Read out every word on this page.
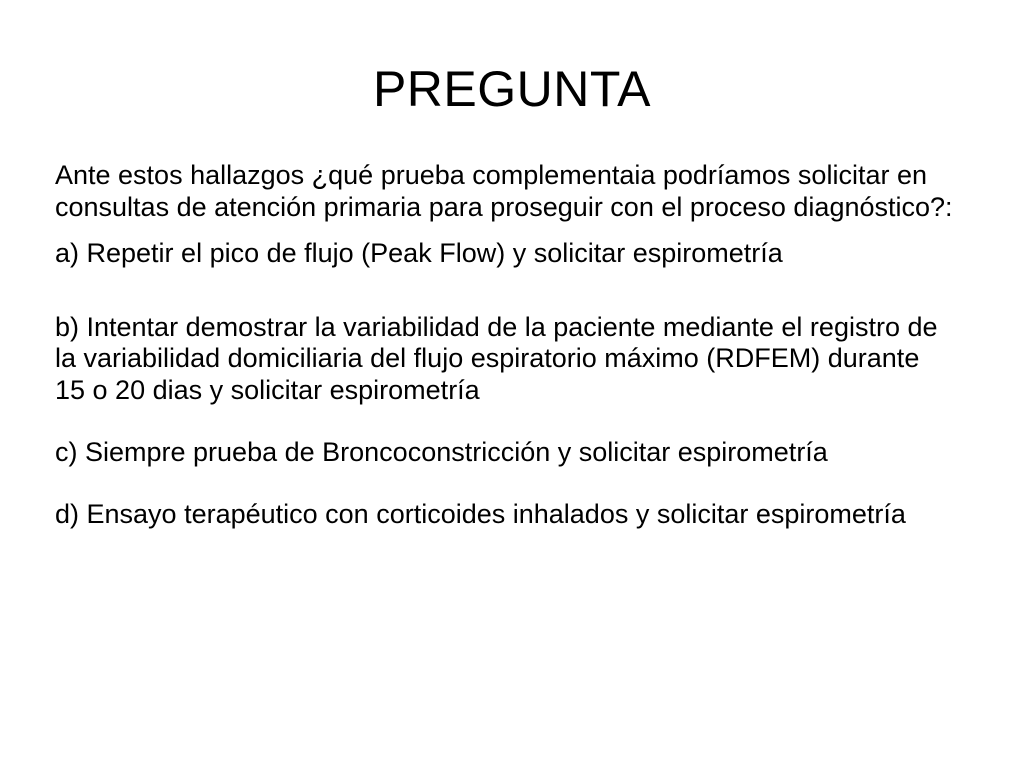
PREGUNTA

Ante estos hallazgos ¿qué prueba complementaia podríamos solicitar en consultas de atención primaria para proseguir con el proceso diagnóstico?:

a) Repetir el pico de flujo (Peak Flow) y solicitar espirometría

b) Intentar demostrar la variabilidad de la paciente mediante el registro de la variabilidad domiciliaria del flujo espiratorio máximo (RDFEM) durante 15 o 20 dias y solicitar espirometría

c) Siempre prueba de Broncoconstricción y solicitar espirometría

d) Ensayo terapéutico con corticoides inhalados y solicitar espirometría
